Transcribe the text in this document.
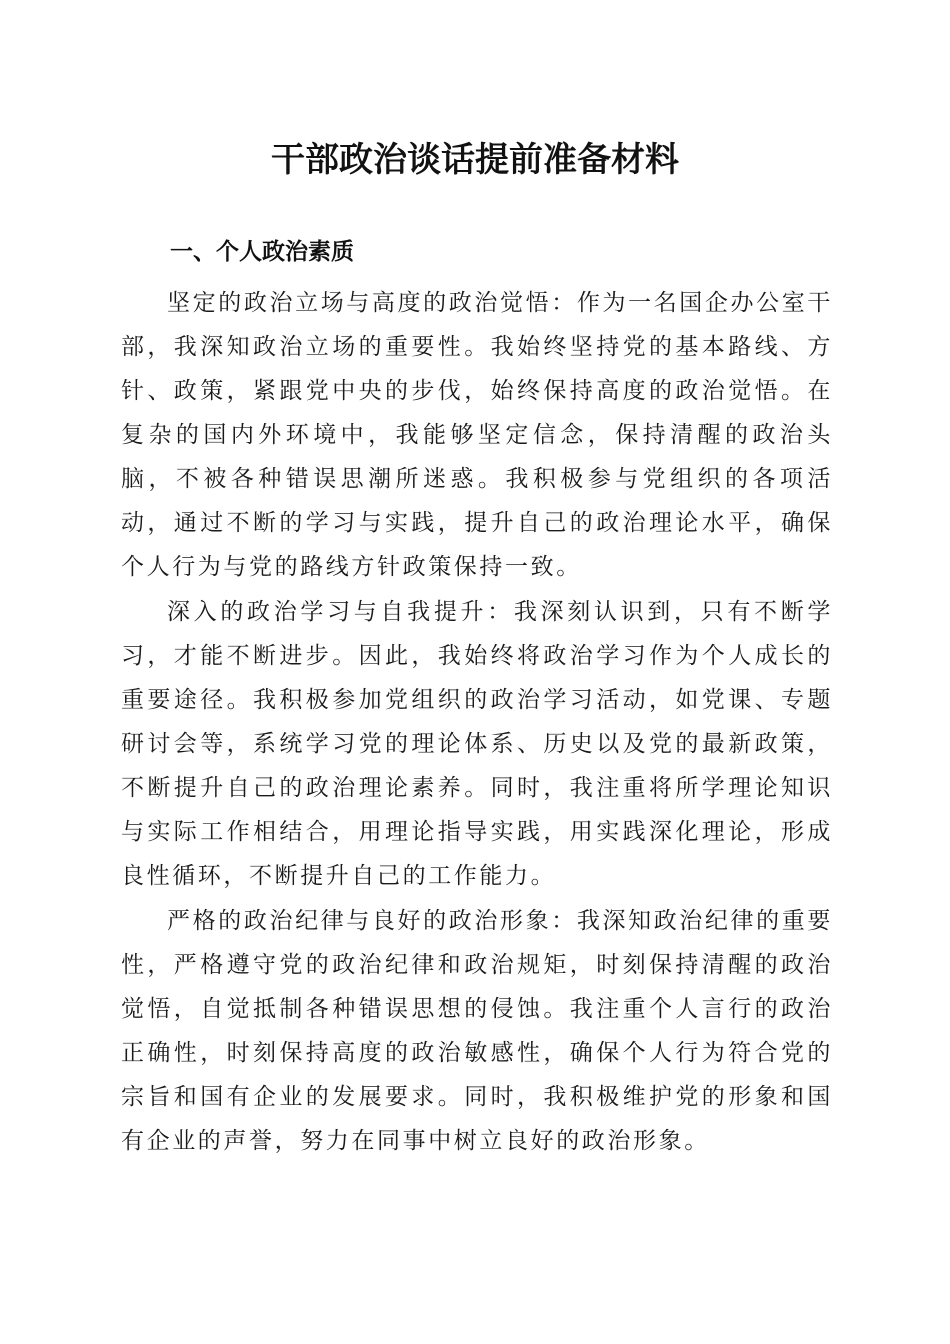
干部政治谈话提前准备材料
一、个人政治素质

坚定的政治立场与高度的政治觉悟：作为一名国企办公室干部，我深知政治立场的重要性。我始终坚持党的基本路线、方针、政策，紧跟党中央的步伐，始终保持高度的政治觉悟。在复杂的国内外环境中，我能够坚定信念，保持清醒的政治头脑，不被各种错误思潮所迷惑。我积极参与党组织的各项活动，通过不断的学习与实践，提升自己的政治理论水平，确保个人行为与党的路线方针政策保持一致。

深入的政治学习与自我提升：我深刻认识到，只有不断学习，才能不断进步。因此，我始终将政治学习作为个人成长的重要途径。我积极参加党组织的政治学习活动，如党课、专题研讨会等，系统学习党的理论体系、历史以及党的最新政策，不断提升自己的政治理论素养。同时，我注重将所学理论知识与实际工作相结合，用理论指导实践，用实践深化理论，形成良性循环，不断提升自己的工作能力。

严格的政治纪律与良好的政治形象：我深知政治纪律的重要性，严格遵守党的政治纪律和政治规矩，时刻保持清醒的政治觉悟，自觉抵制各种错误思想的侵蚀。我注重个人言行的政治正确性，时刻保持高度的政治敏感性，确保个人行为符合党的宗旨和国有企业的发展要求。同时，我积极维护党的形象和国有企业的声誉，努力在同事中树立良好的政治形象。
